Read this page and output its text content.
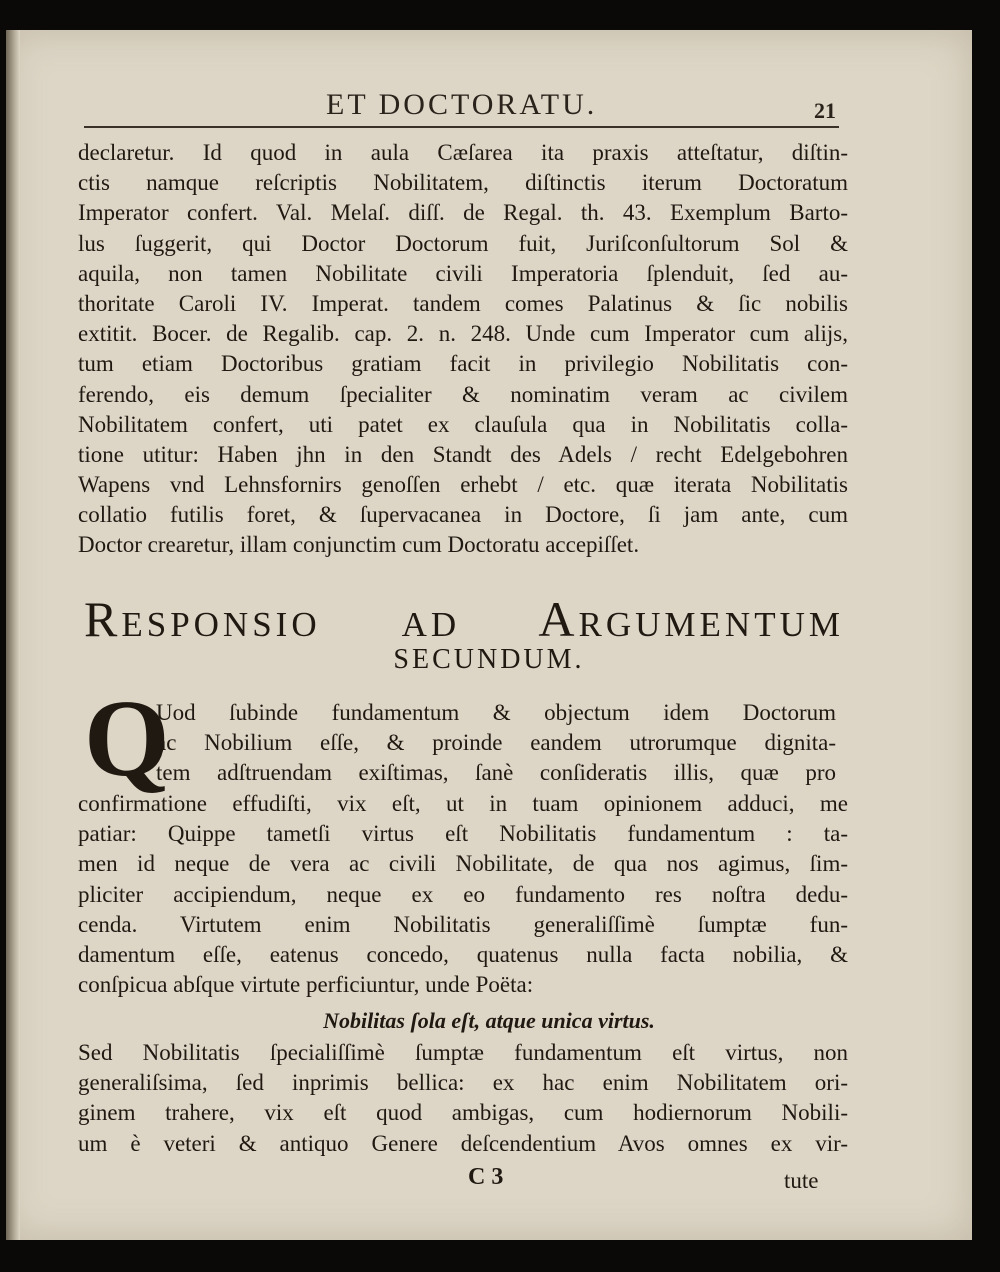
ET DOCTORATU.	21
declaretur. Id quod in aula Cæſarea ita praxis atteſtatur, diſtin-
ctis namque reſcriptis Nobilitatem, diſtinctis iterum Doctoratum
Imperator confert. Val. Melaſ. diſſ. de Regal. th. 43. Exemplum Barto-
lus ſuggerit, qui Doctor Doctorum fuit, Juriſconſultorum Sol &
aquila, non tamen Nobilitate civili Imperatoria ſplenduit, ſed au-
thoritate Caroli IV. Imperat. tandem comes Palatinus & ſic nobilis
extitit. Bocer. de Regalib. cap. 2. n. 248. Unde cum Imperator cum alijs,
tum etiam Doctoribus gratiam facit in privilegio Nobilitatis con-
ferendo, eis demum ſpecialiter & nominatim veram ac civilem
Nobilitatem confert, uti patet ex clauſula qua in Nobilitatis colla-
tione utitur: Haben jhn in den Standt des Adels / recht Edelgebohren
Wapens vnd Lehnsfornirs genoſſen erhebt / etc. quæ iterata Nobilitatis
collatio futilis foret, & ſupervacanea in Doctore, ſi jam ante, cum
Doctor crearetur, illam conjunctim cum Doctoratu accepiſſet.
Responsio ad Argumentum
SECUNDUM.
Q
Uod ſubinde fundamentum & objectum idem Doctorum
ac Nobilium eſſe, & proinde eandem utrorumque dignita-
tem adſtruendam exiſtimas, ſanè conſideratis illis, quæ pro
confirmatione effudiſti, vix eſt, ut in tuam opinionem adduci, me
patiar: Quippe tametſi virtus eſt Nobilitatis fundamentum : ta-
men id neque de vera ac civili Nobilitate, de qua nos agimus, ſim-
pliciter accipiendum, neque ex eo fundamento res noſtra dedu-
cenda. Virtutem enim Nobilitatis generaliſſimè ſumptæ fun-
damentum eſſe, eatenus concedo, quatenus nulla facta nobilia, &
conſpicua abſque virtute perficiuntur, unde Poëta:
Nobilitas ſola eſt, atque unica virtus.
Sed Nobilitatis ſpecialiſſimè ſumptæ fundamentum eſt virtus, non
generaliſsima, ſed inprimis bellica: ex hac enim Nobilitatem ori-
ginem trahere, vix eſt quod ambigas, cum hodiernorum Nobili-
um è veteri & antiquo Genere deſcendentium Avos omnes ex vir-
C 3	tute
